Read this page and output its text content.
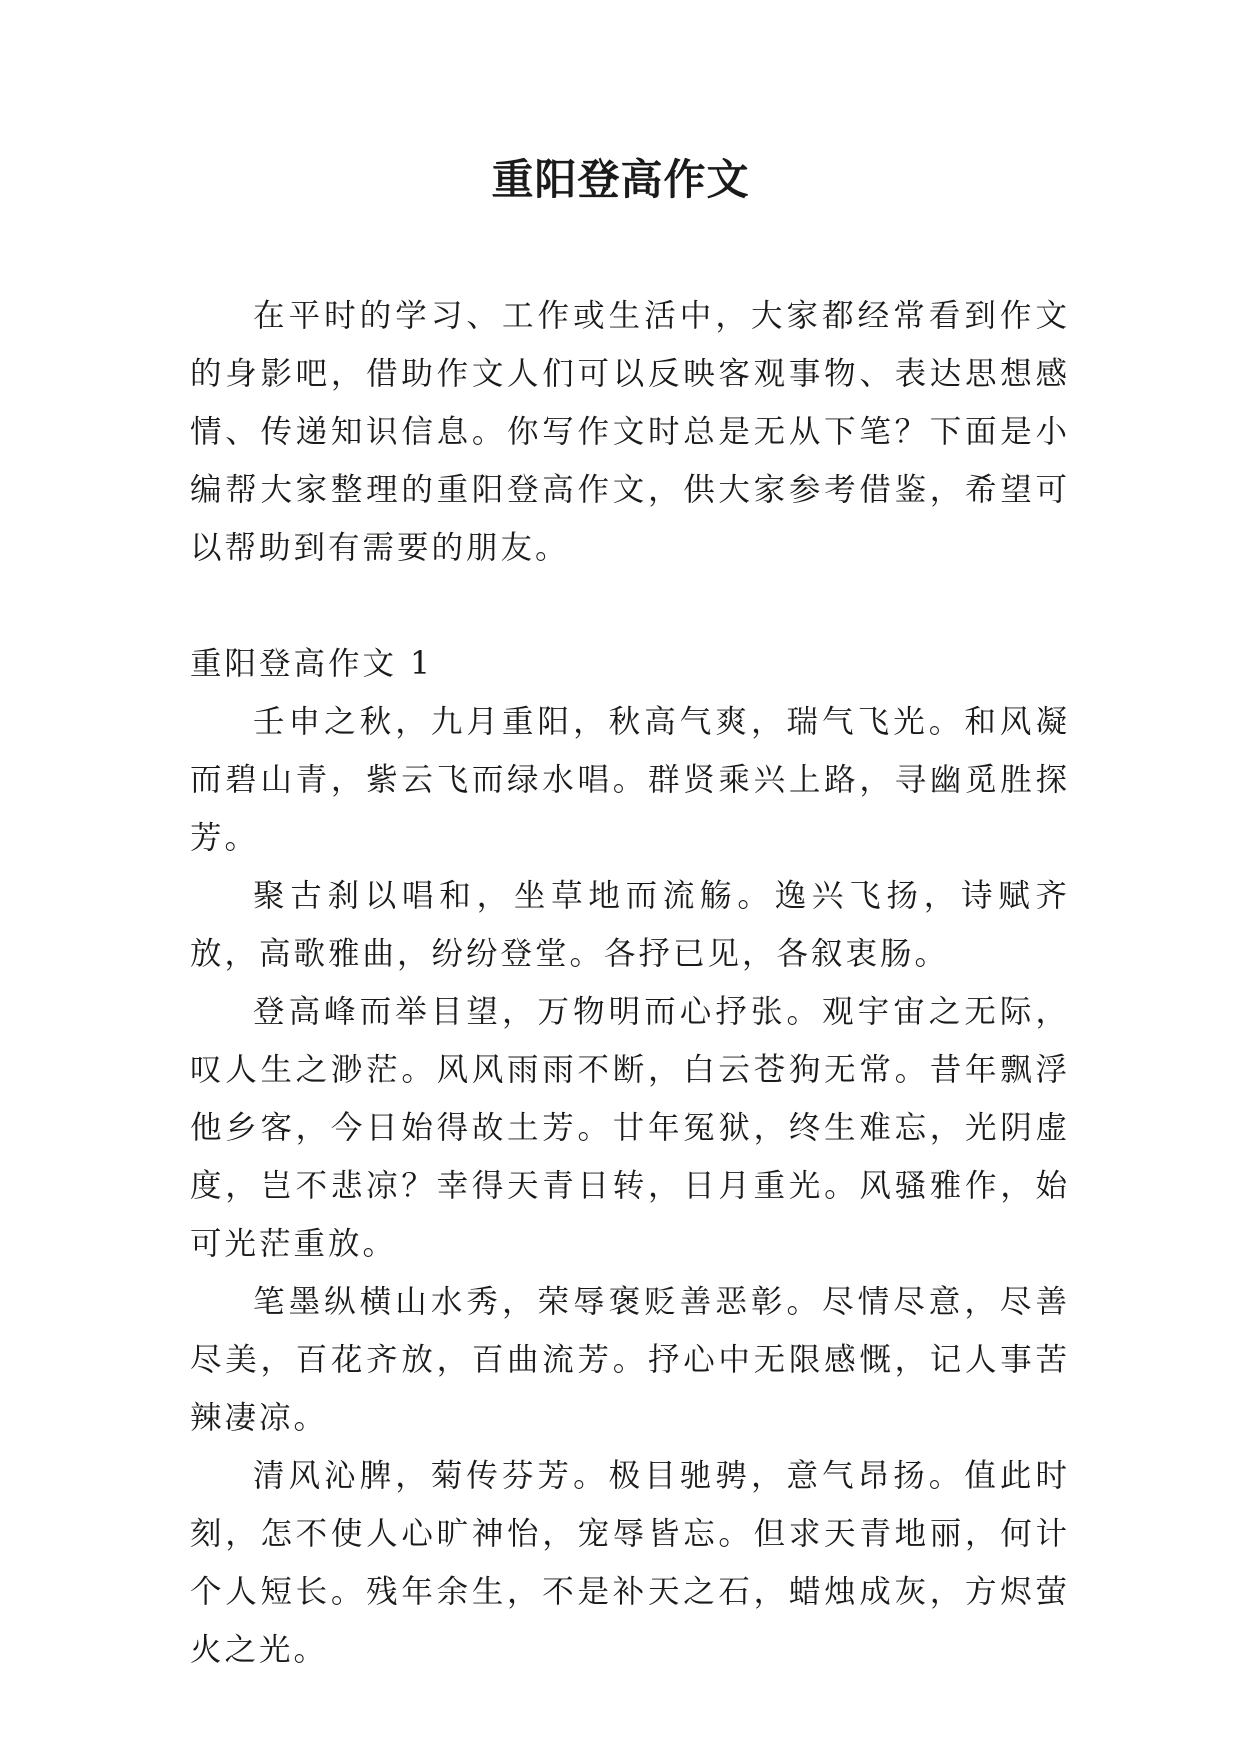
重阳登高作文

在平时的学习、工作或生活中，大家都经常看到作文的身影吧，借助作文人们可以反映客观事物、表达思想感情、传递知识信息。你写作文时总是无从下笔？下面是小编帮大家整理的重阳登高作文，供大家参考借鉴，希望可以帮助到有需要的朋友。

重阳登高作文 1

壬申之秋，九月重阳，秋高气爽，瑞气飞光。和风凝而碧山青，紫云飞而绿水唱。群贤乘兴上路，寻幽觅胜探芳。

聚古刹以唱和，坐草地而流觞。逸兴飞扬，诗赋齐放，高歌雅曲，纷纷登堂。各抒已见，各叙衷肠。

登高峰而举目望，万物明而心抒张。观宇宙之无际，叹人生之渺茫。风风雨雨不断，白云苍狗无常。昔年飘浮他乡客，今日始得故土芳。廿年冤狱，终生难忘，光阴虚度，岂不悲凉？幸得天青日转，日月重光。风骚雅作，始可光茫重放。

笔墨纵横山水秀，荣辱褒贬善恶彰。尽情尽意，尽善尽美，百花齐放，百曲流芳。抒心中无限感慨，记人事苦辣凄凉。

清风沁脾，菊传芬芳。极目驰骋，意气昂扬。值此时刻，怎不使人心旷神怡，宠辱皆忘。但求天青地丽，何计个人短长。残年余生，不是补天之石，蜡烛成灰，方烬萤火之光。
